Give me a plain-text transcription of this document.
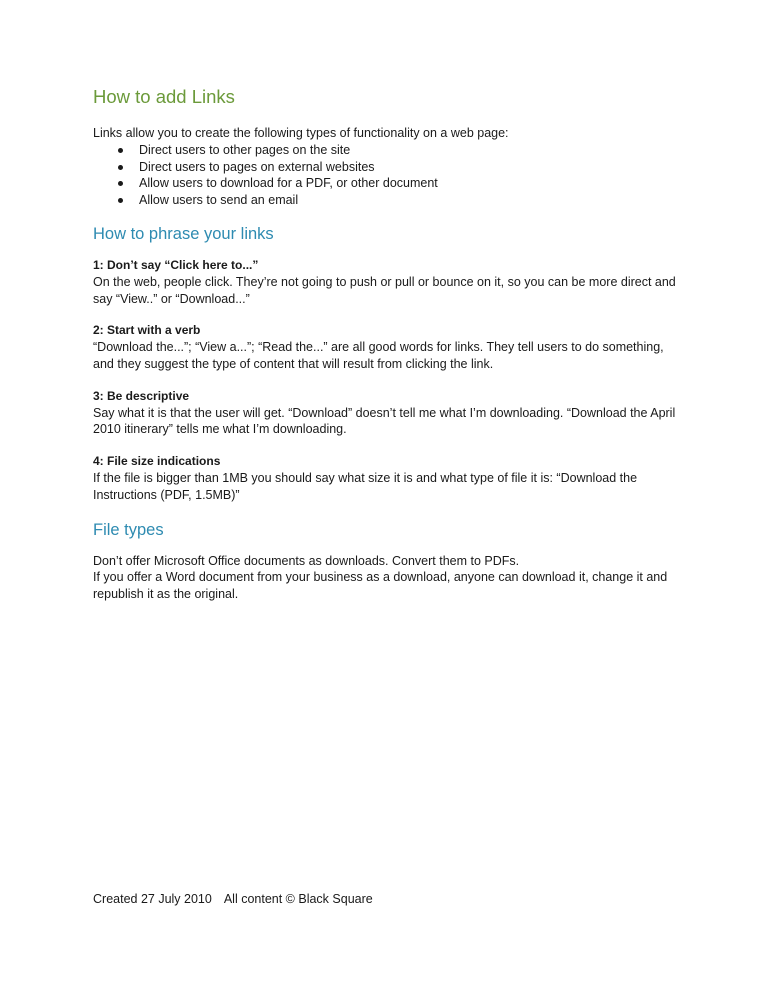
How to add Links
Links allow you to create the following types of functionality on a web page:
Direct users to other pages on the site
Direct users to pages on external websites
Allow users to download for a PDF, or other document
Allow users to send an email
How to phrase your links
1: Don’t say “Click here to...”
On the web, people click. They’re not going to push or pull or bounce on it, so you can be more direct and say “View..” or “Download...”
2: Start with a verb
“Download the...”; “View a...”; “Read the...” are all good words for links. They tell users to do something, and they suggest the type of content that will result from clicking the link.
3: Be descriptive
Say what it is that the user will get. “Download” doesn’t tell me what I’m downloading. “Download the April 2010 itinerary” tells me what I’m downloading.
4: File size indications
If the file is bigger than 1MB you should say what size it is and what type of file it is: “Download the Instructions (PDF, 1.5MB)”
File types
Don’t offer Microsoft Office documents as downloads. Convert them to PDFs.
If you offer a Word document from your business as a download, anyone can download it, change it and republish it as the original.
Created 27 July 2010 All content © Black Square
